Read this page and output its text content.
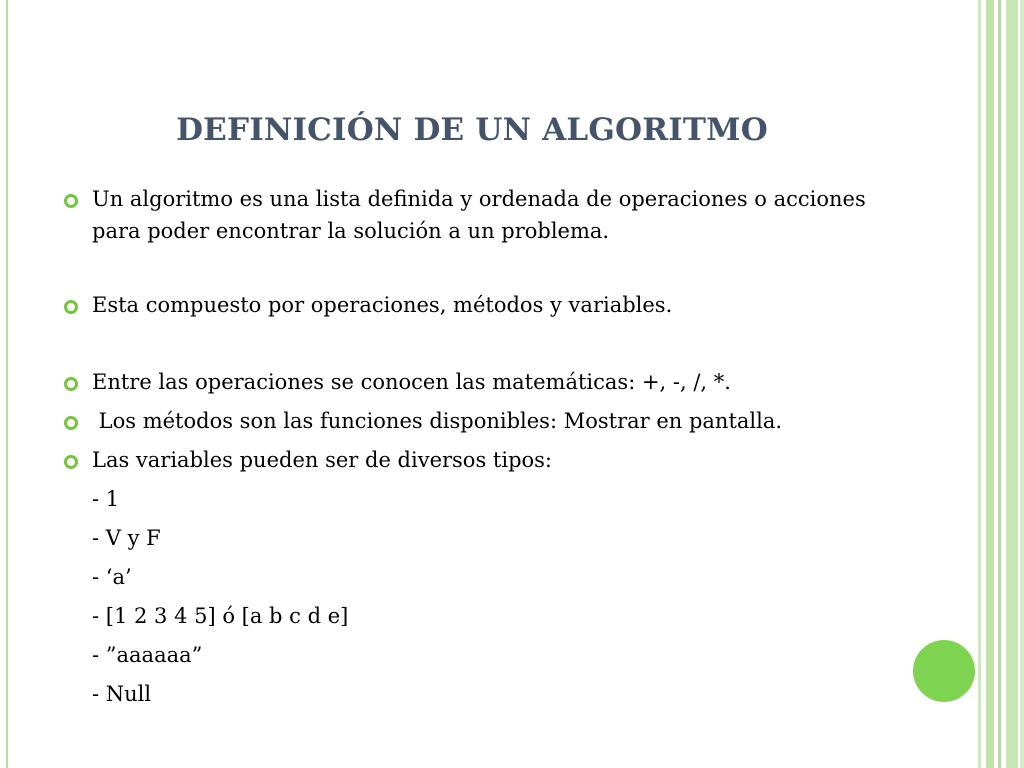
DEFINICIÓN DE UN ALGORITMO
Un algoritmo es una lista definida y ordenada de operaciones o acciones para poder encontrar la solución a un problema.
Esta compuesto por operaciones, métodos y variables.
Entre las operaciones se conocen las matemáticas: +, -, /, *.
Los métodos son las funciones disponibles: Mostrar en pantalla.
Las variables pueden ser de diversos tipos:
- 1
- V y F
- ‘a’
- [1 2 3 4 5] ó [a b c d e]
- ”aaaaaa”
- Null
